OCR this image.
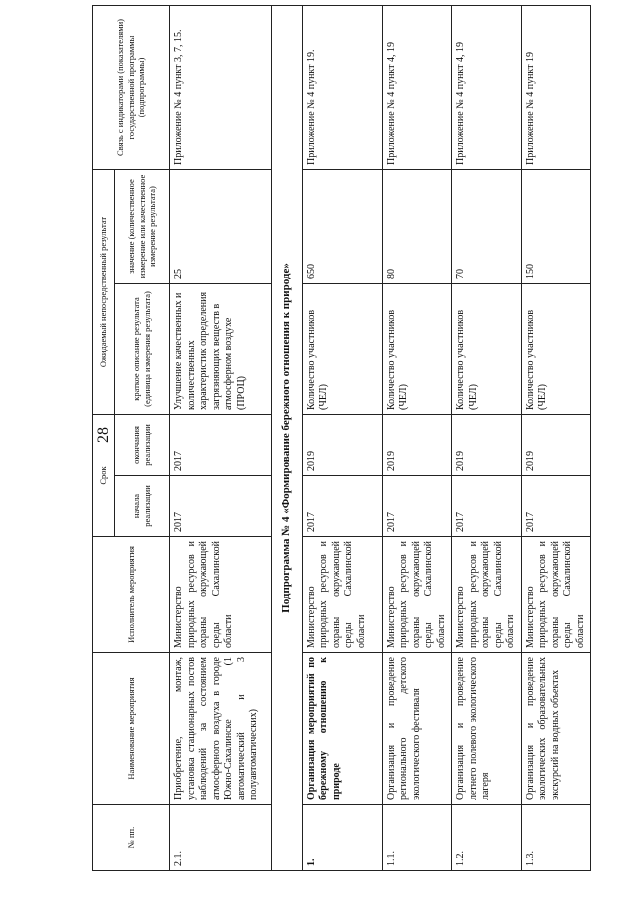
28
№ пп.	Наименование мероприятия	Исполнитель мероприятия	Срок		Ожидаемый непосредственный результат		Связь с индикаторами (показателями) государственной программы (подпрограммы)
			начала реализации	окончания реализации	краткое описание результата (единица измерения результата)	значение (количественное измерение или качественное измерение результата)	
2.1.	Приобретение, монтаж, установка стационарных постов наблюдений за состоянием атмосферного воздуха в городе Южно-Сахалинске (1 автоматический и 3 полуавтоматических)	Министерство природных ресурсов и охраны окружающей среды Сахалинской области	2017	2017	Улучшение качественных и количественных характеристик определения загрязняющих веществ в атмосферном воздухе (ПРОЦ)	25	Приложение № 4 пункт 3, 7, 15.
Подпрограмма № 4 «Формирование бережного отношения к природе»							
1.	Организация мероприятий по бережному отношению к природе	Министерство природных ресурсов и охраны окружающей среды Сахалинской области	2017	2019	Количество участников (ЧЕЛ)	650	Приложение № 4 пункт 19.
1.1.	Организация и проведение регионального детского экологического фестиваля	Министерство природных ресурсов и охраны окружающей среды Сахалинской области	2017	2019	Количество участников (ЧЕЛ)	80	Приложение № 4 пункт 4, 19
1.2.	Организация и проведение летнего полевого экологического лагеря	Министерство природных ресурсов и охраны окружающей среды Сахалинской области	2017	2019	Количество участников (ЧЕЛ)	70	Приложение № 4 пункт 4, 19
1.3.	Организация и проведение экологических образовательных экскурсий на водных объектах	Министерство природных ресурсов и охраны окружающей среды Сахалинской области	2017	2019	Количество участников (ЧЕЛ)	150	Приложение № 4 пункт 19
